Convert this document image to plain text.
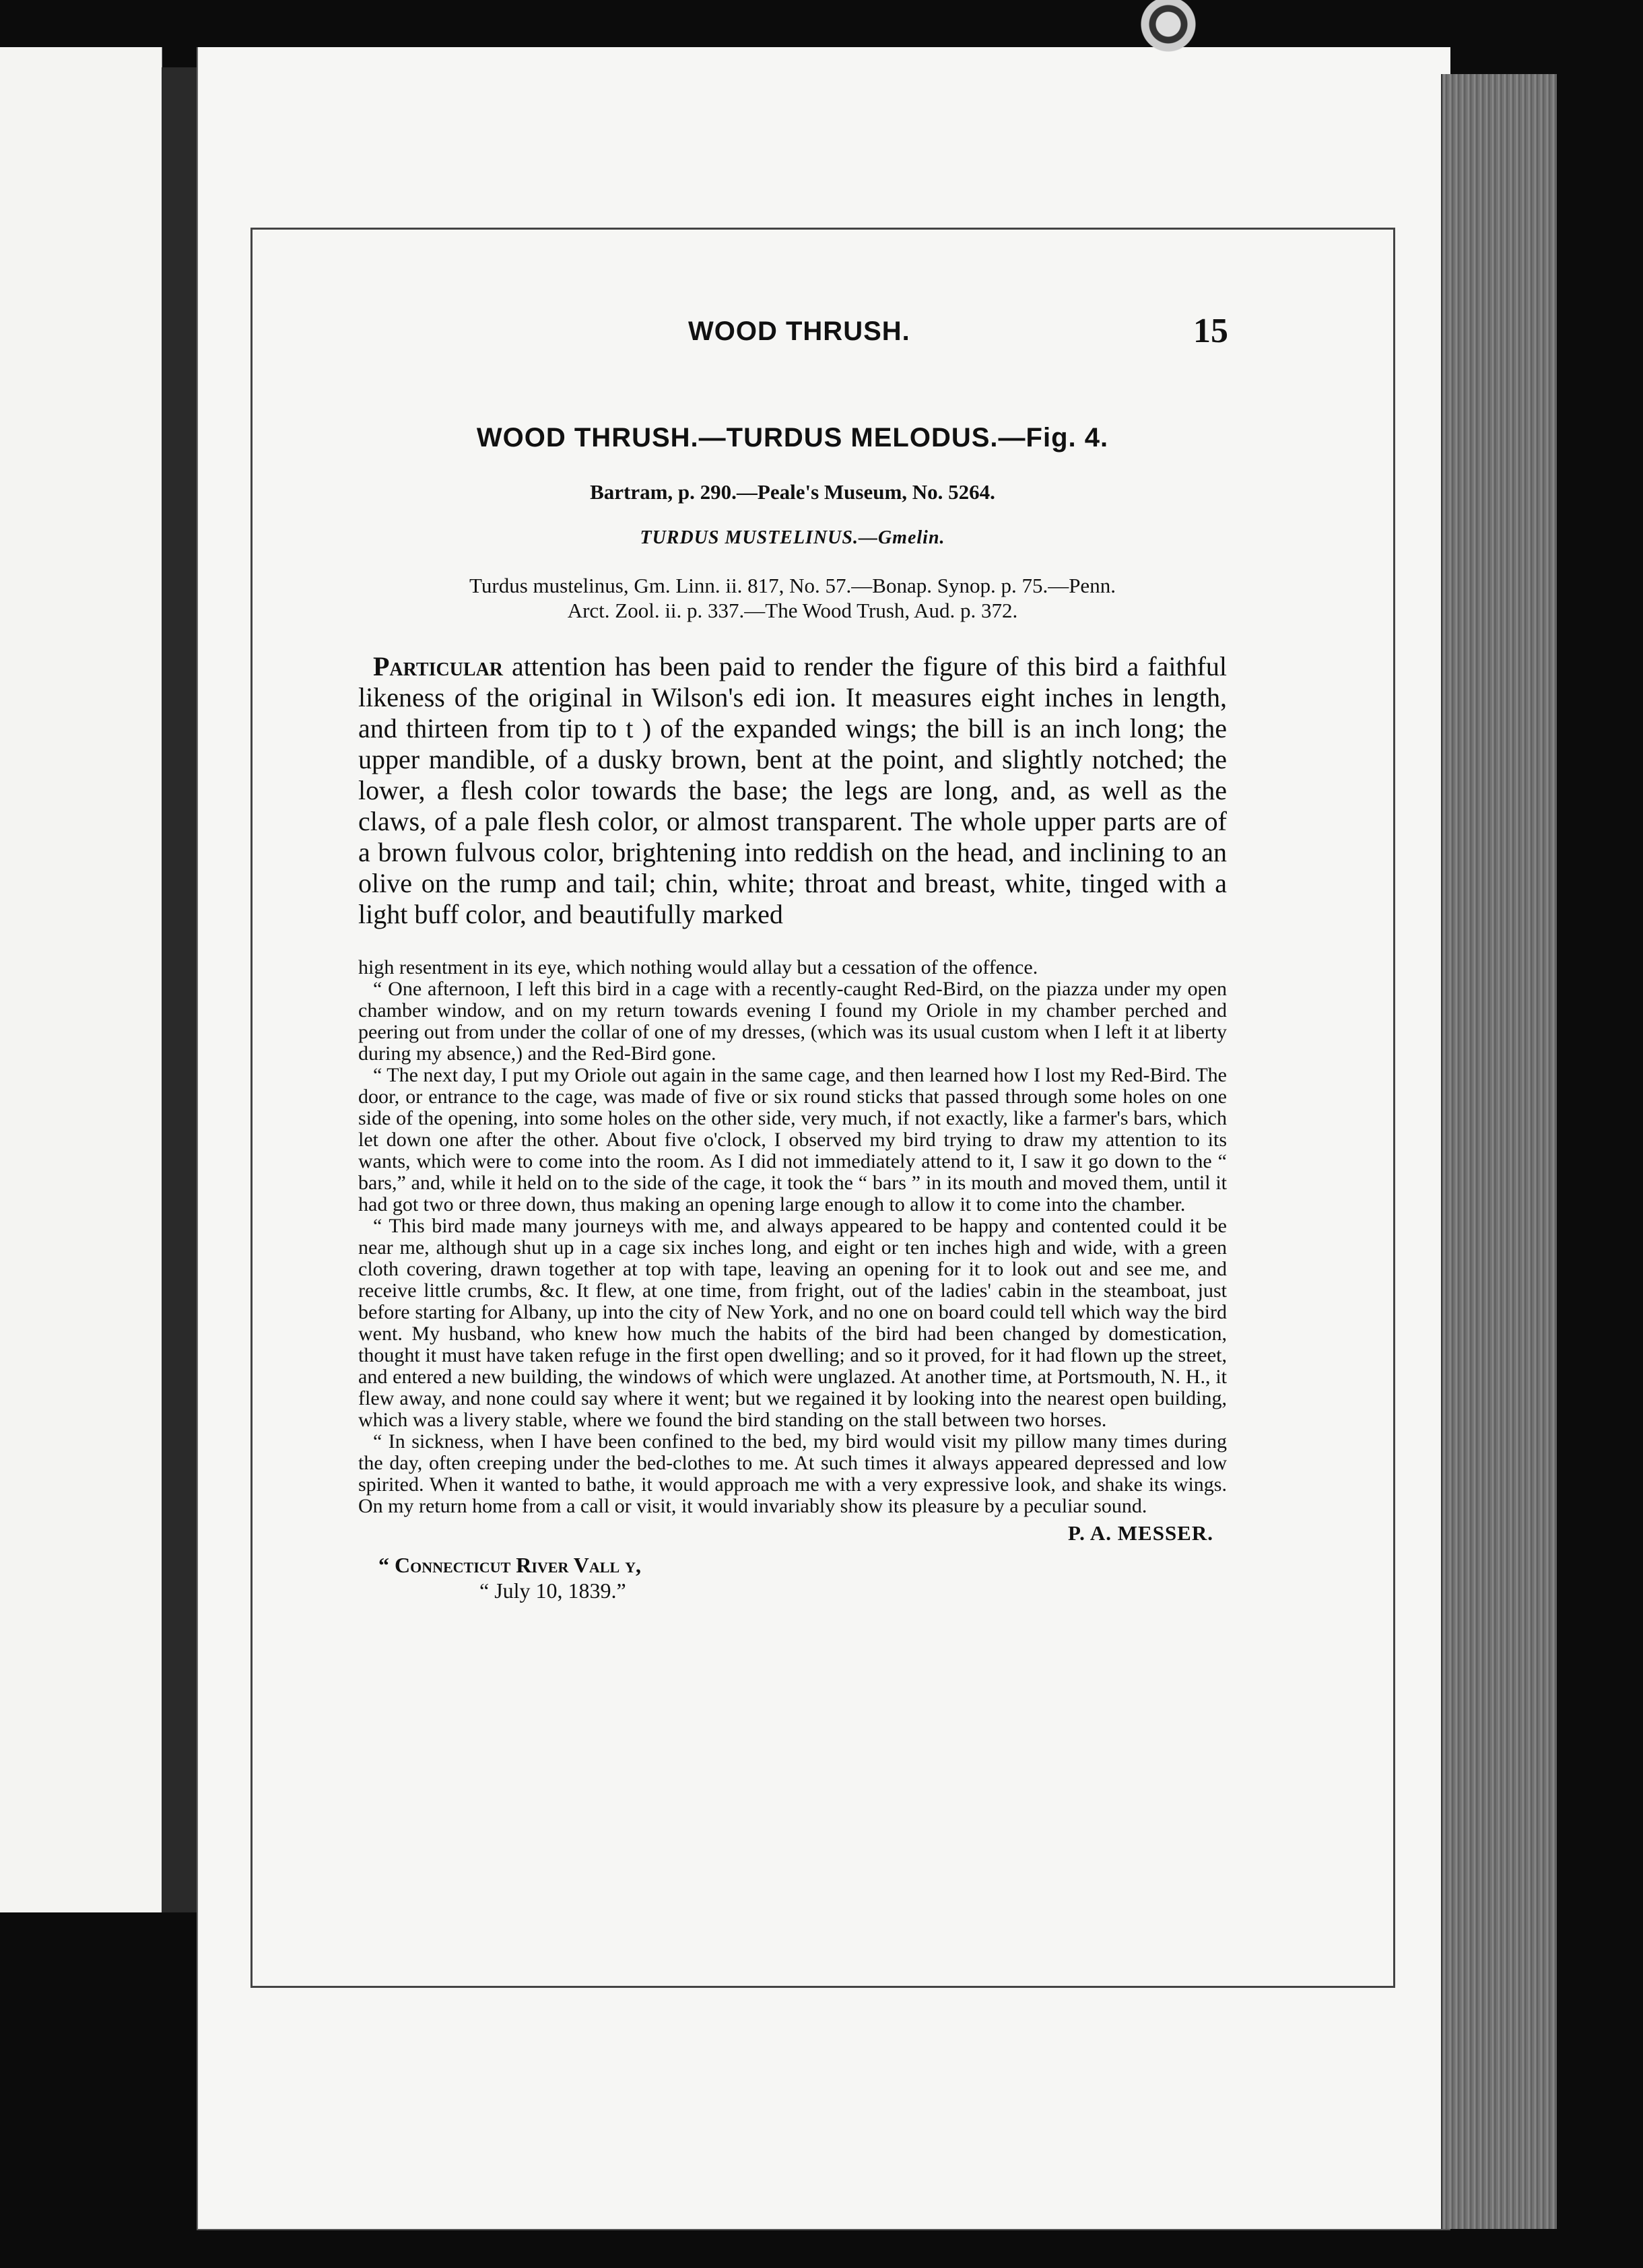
WOOD THRUSH.	15
WOOD THRUSH.—TURDUS MELODUS.—Fig. 4.
Bartram, p. 290.—Peale's Museum, No. 5264.
TURDUS MUSTELINUS.—Gmelin.
Turdus mustelinus, Gm. Linn. ii. 817, No. 57.—Bonap. Synop. p. 75.—Penn.
Arct. Zool. ii. p. 337.—The Wood Trush, Aud. p. 372.

Particular attention has been paid to render the figure of this bird a faithful likeness of the original in Wilson's edi ion. It measures eight inches in length, and thirteen from tip to t ) of the expanded wings; the bill is an inch long; the upper mandible, of a dusky brown, bent at the point, and slightly notched; the lower, a flesh color towards the base; the legs are long, and, as well as the claws, of a pale flesh color, or almost transparent. The whole upper parts are of a brown fulvous color, brightening into reddish on the head, and inclining to an olive on the rump and tail; chin, white; throat and breast, white, tinged with a light buff color, and beautifully marked

high resentment in its eye, which nothing would allay but a cessation of the offence.

“ One afternoon, I left this bird in a cage with a recently-caught Red-Bird, on the piazza under my open chamber window, and on my return towards evening I found my Oriole in my chamber perched and peering out from under the collar of one of my dresses, (which was its usual custom when I left it at liberty during my absence,) and the Red-Bird gone.

“ The next day, I put my Oriole out again in the same cage, and then learned how I lost my Red-Bird. The door, or entrance to the cage, was made of five or six round sticks that passed through some holes on one side of the opening, into some holes on the other side, very much, if not exactly, like a farmer's bars, which let down one after the other. About five o'clock, I observed my bird trying to draw my attention to its wants, which were to come into the room. As I did not immediately attend to it, I saw it go down to the “ bars,” and, while it held on to the side of the cage, it took the “ bars ” in its mouth and moved them, until it had got two or three down, thus making an opening large enough to allow it to come into the chamber.

“ This bird made many journeys with me, and always appeared to be happy and contented could it be near me, although shut up in a cage six inches long, and eight or ten inches high and wide, with a green cloth covering, drawn together at top with tape, leaving an opening for it to look out and see me, and receive little crumbs, &c. It flew, at one time, from fright, out of the ladies' cabin in the steamboat, just before starting for Albany, up into the city of New York, and no one on board could tell which way the bird went. My husband, who knew how much the habits of the bird had been changed by domestication, thought it must have taken refuge in the first open dwelling; and so it proved, for it had flown up the street, and entered a new building, the windows of which were unglazed. At another time, at Portsmouth, N. H., it flew away, and none could say where it went; but we regained it by looking into the nearest open building, which was a livery stable, where we found the bird standing on the stall between two horses.

“ In sickness, when I have been confined to the bed, my bird would visit my pillow many times during the day, often creeping under the bed-clothes to me. At such times it always appeared depressed and low spirited. When it wanted to bathe, it would approach me with a very expressive look, and shake its wings. On my return home from a call or visit, it would invariably show its pleasure by a peculiar sound.

P. A. MESSER.
“ Connecticut River Vall y,
“ July 10, 1839.”
